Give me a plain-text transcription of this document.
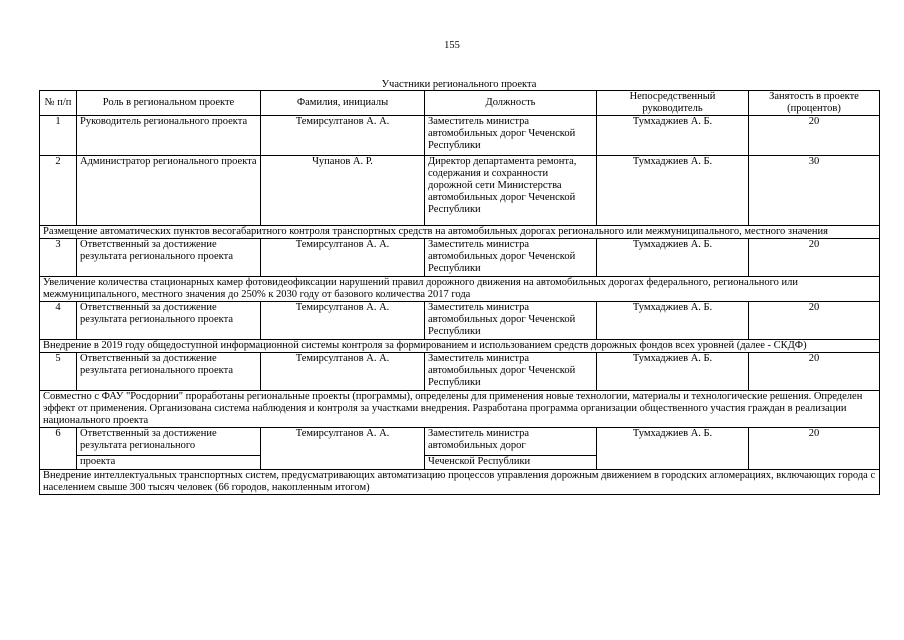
155
Участники регионального проекта
№ п/п	Роль в региональном проекте	Фамилия, инициалы	Должность	Непосредственный руководитель	Занятость в проекте (процентов)
1	Руководитель регионального проекта	Темирсултанов А. А.	Заместитель министра автомобильных дорог Чеченской Республики	Тумхаджиев А. Б.	20
2	Администратор регионального проекта	Чупанов А. Р.	Директор департамента ремонта, содержания и сохранности дорожной сети Министерства автомобильных дорог Чеченской Республики	Тумхаджиев А. Б.	30
Размещение автоматических пунктов весогабаритного контроля транспортных средств на автомобильных дорогах регионального или межмуниципального, местного значения					
3	Ответственный за достижение результата регионального проекта	Темирсултанов А. А.	Заместитель министра автомобильных дорог Чеченской Республики	Тумхаджиев А. Б.	20
Увеличение количества стационарных камер фотовидеофиксации нарушений правил дорожного движения на автомобильных дорогах федерального, регионального или межмуниципального, местного значения до 250% к 2030 году от базового количества 2017 года					
4	Ответственный за достижение результата регионального проекта	Темирсултанов А. А.	Заместитель министра автомобильных дорог Чеченской Республики	Тумхаджиев А. Б.	20
Внедрение в 2019 году общедоступной информационной системы контроля за формированием и использованием средств дорожных фондов всех уровней (далее - СКДФ)					
5	Ответственный за достижение результата регионального проекта	Темирсултанов А. А.	Заместитель министра автомобильных дорог Чеченской Республики	Тумхаджиев А. Б.	20
Совместно с ФАУ "Росдорнии" проработаны региональные проекты (программы), определены для применения новые технологии, материалы и технологические решения. Определен эффект от применения. Организована система наблюдения и контроля за участками внедрения. Разработана программа организации общественного участия граждан в реализации национального проекта					
6	Ответственный за достижение результата регионального	Темирсултанов А. А.	Заместитель министра автомобильных дорог	Тумхаджиев А. Б.	20
	проекта		Чеченской Республики		
Внедрение интеллектуальных транспортных систем, предусматривающих автоматизацию процессов управления дорожным движением в городских агломерациях, включающих города с населением свыше 300 тысяч человек (66 городов, накопленным итогом)					
